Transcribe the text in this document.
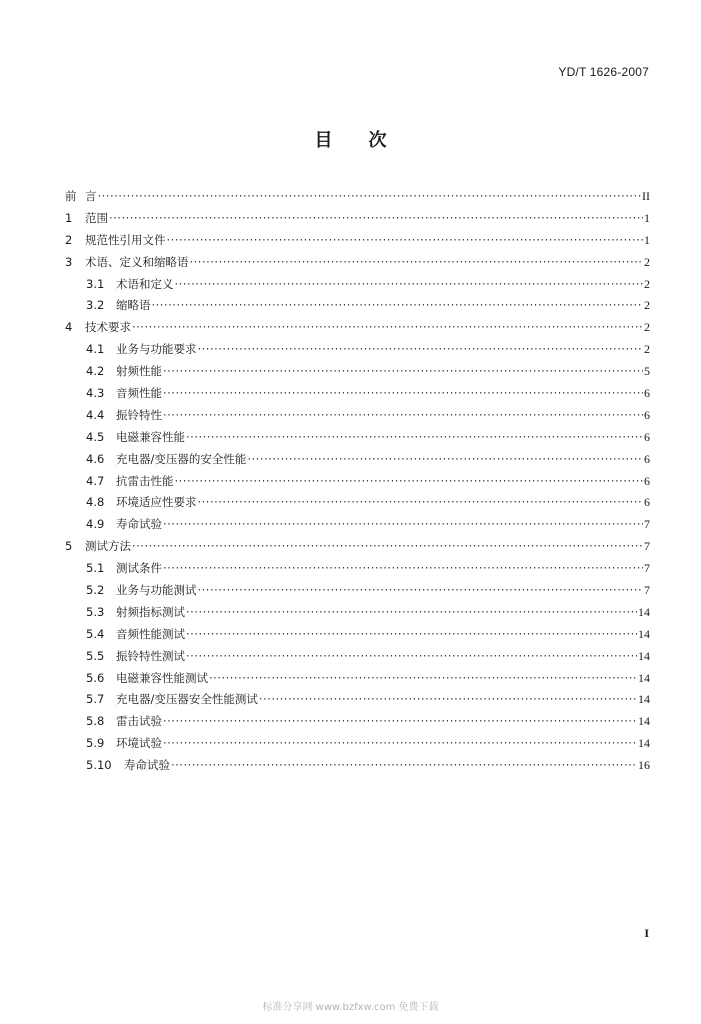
YD/T 1626-2007
目 次
前 言 ·····	II
1	范围 ·····	1
2	规范性引用文件 ·····	1
3	术语、定义和缩略语 ·····	2
3.1	术语和定义 ·····	2
3.2	缩略语 ·····	2
4	技术要求 ·····	2
4.1	业务与功能要求 ·····	2
4.2	射频性能 ·····	5
4.3	音频性能 ·····	6
4.4	振铃特性 ·····	6
4.5	电磁兼容性能 ·····	6
4.6	充电器/变压器的安全性能 ·····	6
4.7	抗雷击性能 ·····	6
4.8	环境适应性要求 ·····	6
4.9	寿命试验 ·····	7
5	测试方法 ·····	7
5.1	测试条件 ·····	7
5.2	业务与功能测试 ·····	7
5.3	射频指标测试 ·····	14
5.4	音频性能测试 ·····	14
5.5	振铃特性测试 ·····	14
5.6	电磁兼容性能测试 ·····	14
5.7	充电器/变压器安全性能测试 ·····	14
5.8	雷击试验 ·····	14
5.9	环境试验 ·····	14
5.10	寿命试验 ·····	16
I
标准分享网 www.bzfxw.com 免费下载
